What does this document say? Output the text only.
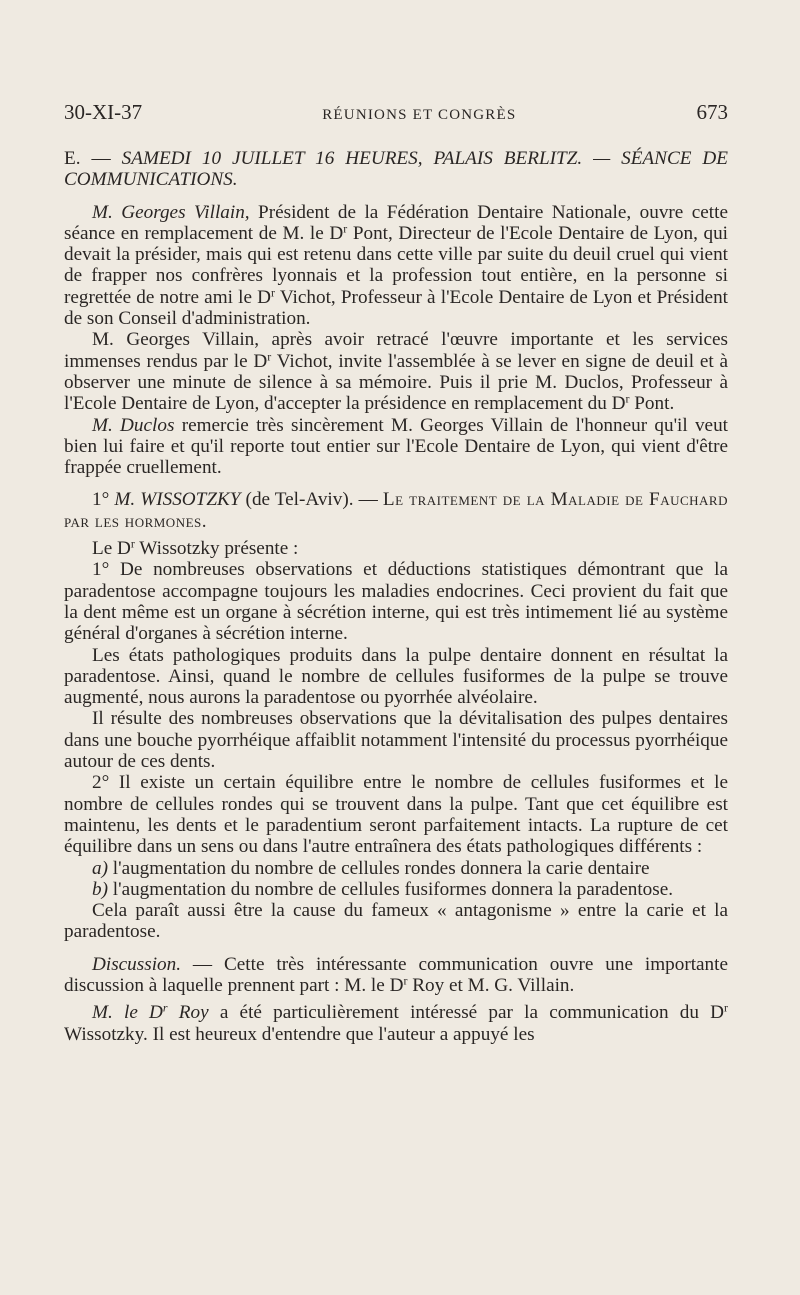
30-XI-37	RÉUNIONS ET CONGRÈS	673

E. — SAMEDI 10 JUILLET 16 HEURES, PALAIS BERLITZ. — SÉANCE DE COMMUNICATIONS.

M. Georges Villain, Président de la Fédération Dentaire Nationale, ouvre cette séance en remplacement de M. le $D^r$ Pont, Directeur de l'Ecole Dentaire de Lyon, qui devait la présider, mais qui est retenu dans cette ville par suite du deuil cruel qui vient de frapper nos confrères lyonnais et la profession tout entière, en la personne si regrettée de notre ami le $D^r$ Vichot, Professeur à l'Ecole Dentaire de Lyon et Président de son Conseil d'administration.

M. Georges Villain, après avoir retracé l'œuvre importante et les services immenses rendus par le $D^r$ Vichot, invite l'assemblée à se lever en signe de deuil et à observer une minute de silence à sa mémoire. Puis il prie M. Duclos, Professeur à l'Ecole Dentaire de Lyon, d'accepter la présidence en remplacement du $D^r$ Pont.

M. Duclos remercie très sincèrement M. Georges Villain de l'honneur qu'il veut bien lui faire et qu'il reporte tout entier sur l'Ecole Dentaire de Lyon, qui vient d'être frappée cruellement.

1° M. WISSOTZKY (de Tel-Aviv). — Le traitement de la Maladie de Fauchard par les hormones.

Le $D^r$ Wissotzky présente :

1° De nombreuses observations et déductions statistiques démontrant que la paradentose accompagne toujours les maladies endocrines. Ceci provient du fait que la dent même est un organe à sécrétion interne, qui est très intimement lié au système général d'organes à sécrétion interne.

Les états pathologiques produits dans la pulpe dentaire donnent en résultat la paradentose. Ainsi, quand le nombre de cellules fusiformes de la pulpe se trouve augmenté, nous aurons la paradentose ou pyorrhée alvéolaire.

Il résulte des nombreuses observations que la dévitalisation des pulpes dentaires dans une bouche pyorrhéique affaiblit notamment l'intensité du processus pyorrhéique autour de ces dents.

2° Il existe un certain équilibre entre le nombre de cellules fusiformes et le nombre de cellules rondes qui se trouvent dans la pulpe. Tant que cet équilibre est maintenu, les dents et le paradentium seront parfaitement intacts. La rupture de cet équilibre dans un sens ou dans l'autre entraînera des états pathologiques différents :

a) l'augmentation du nombre de cellules rondes donnera la carie dentaire

b) l'augmentation du nombre de cellules fusiformes donnera la paradentose.

Cela paraît aussi être la cause du fameux « antagonisme » entre la carie et la paradentose.

Discussion. — Cette très intéressante communication ouvre une importante discussion à laquelle prennent part : M. le $D^r$ Roy et M. G. Villain.

M. le $D^r$ Roy a été particulièrement intéressé par la communication du $D^r$ Wissotzky. Il est heureux d'entendre que l'auteur a appuyé les
